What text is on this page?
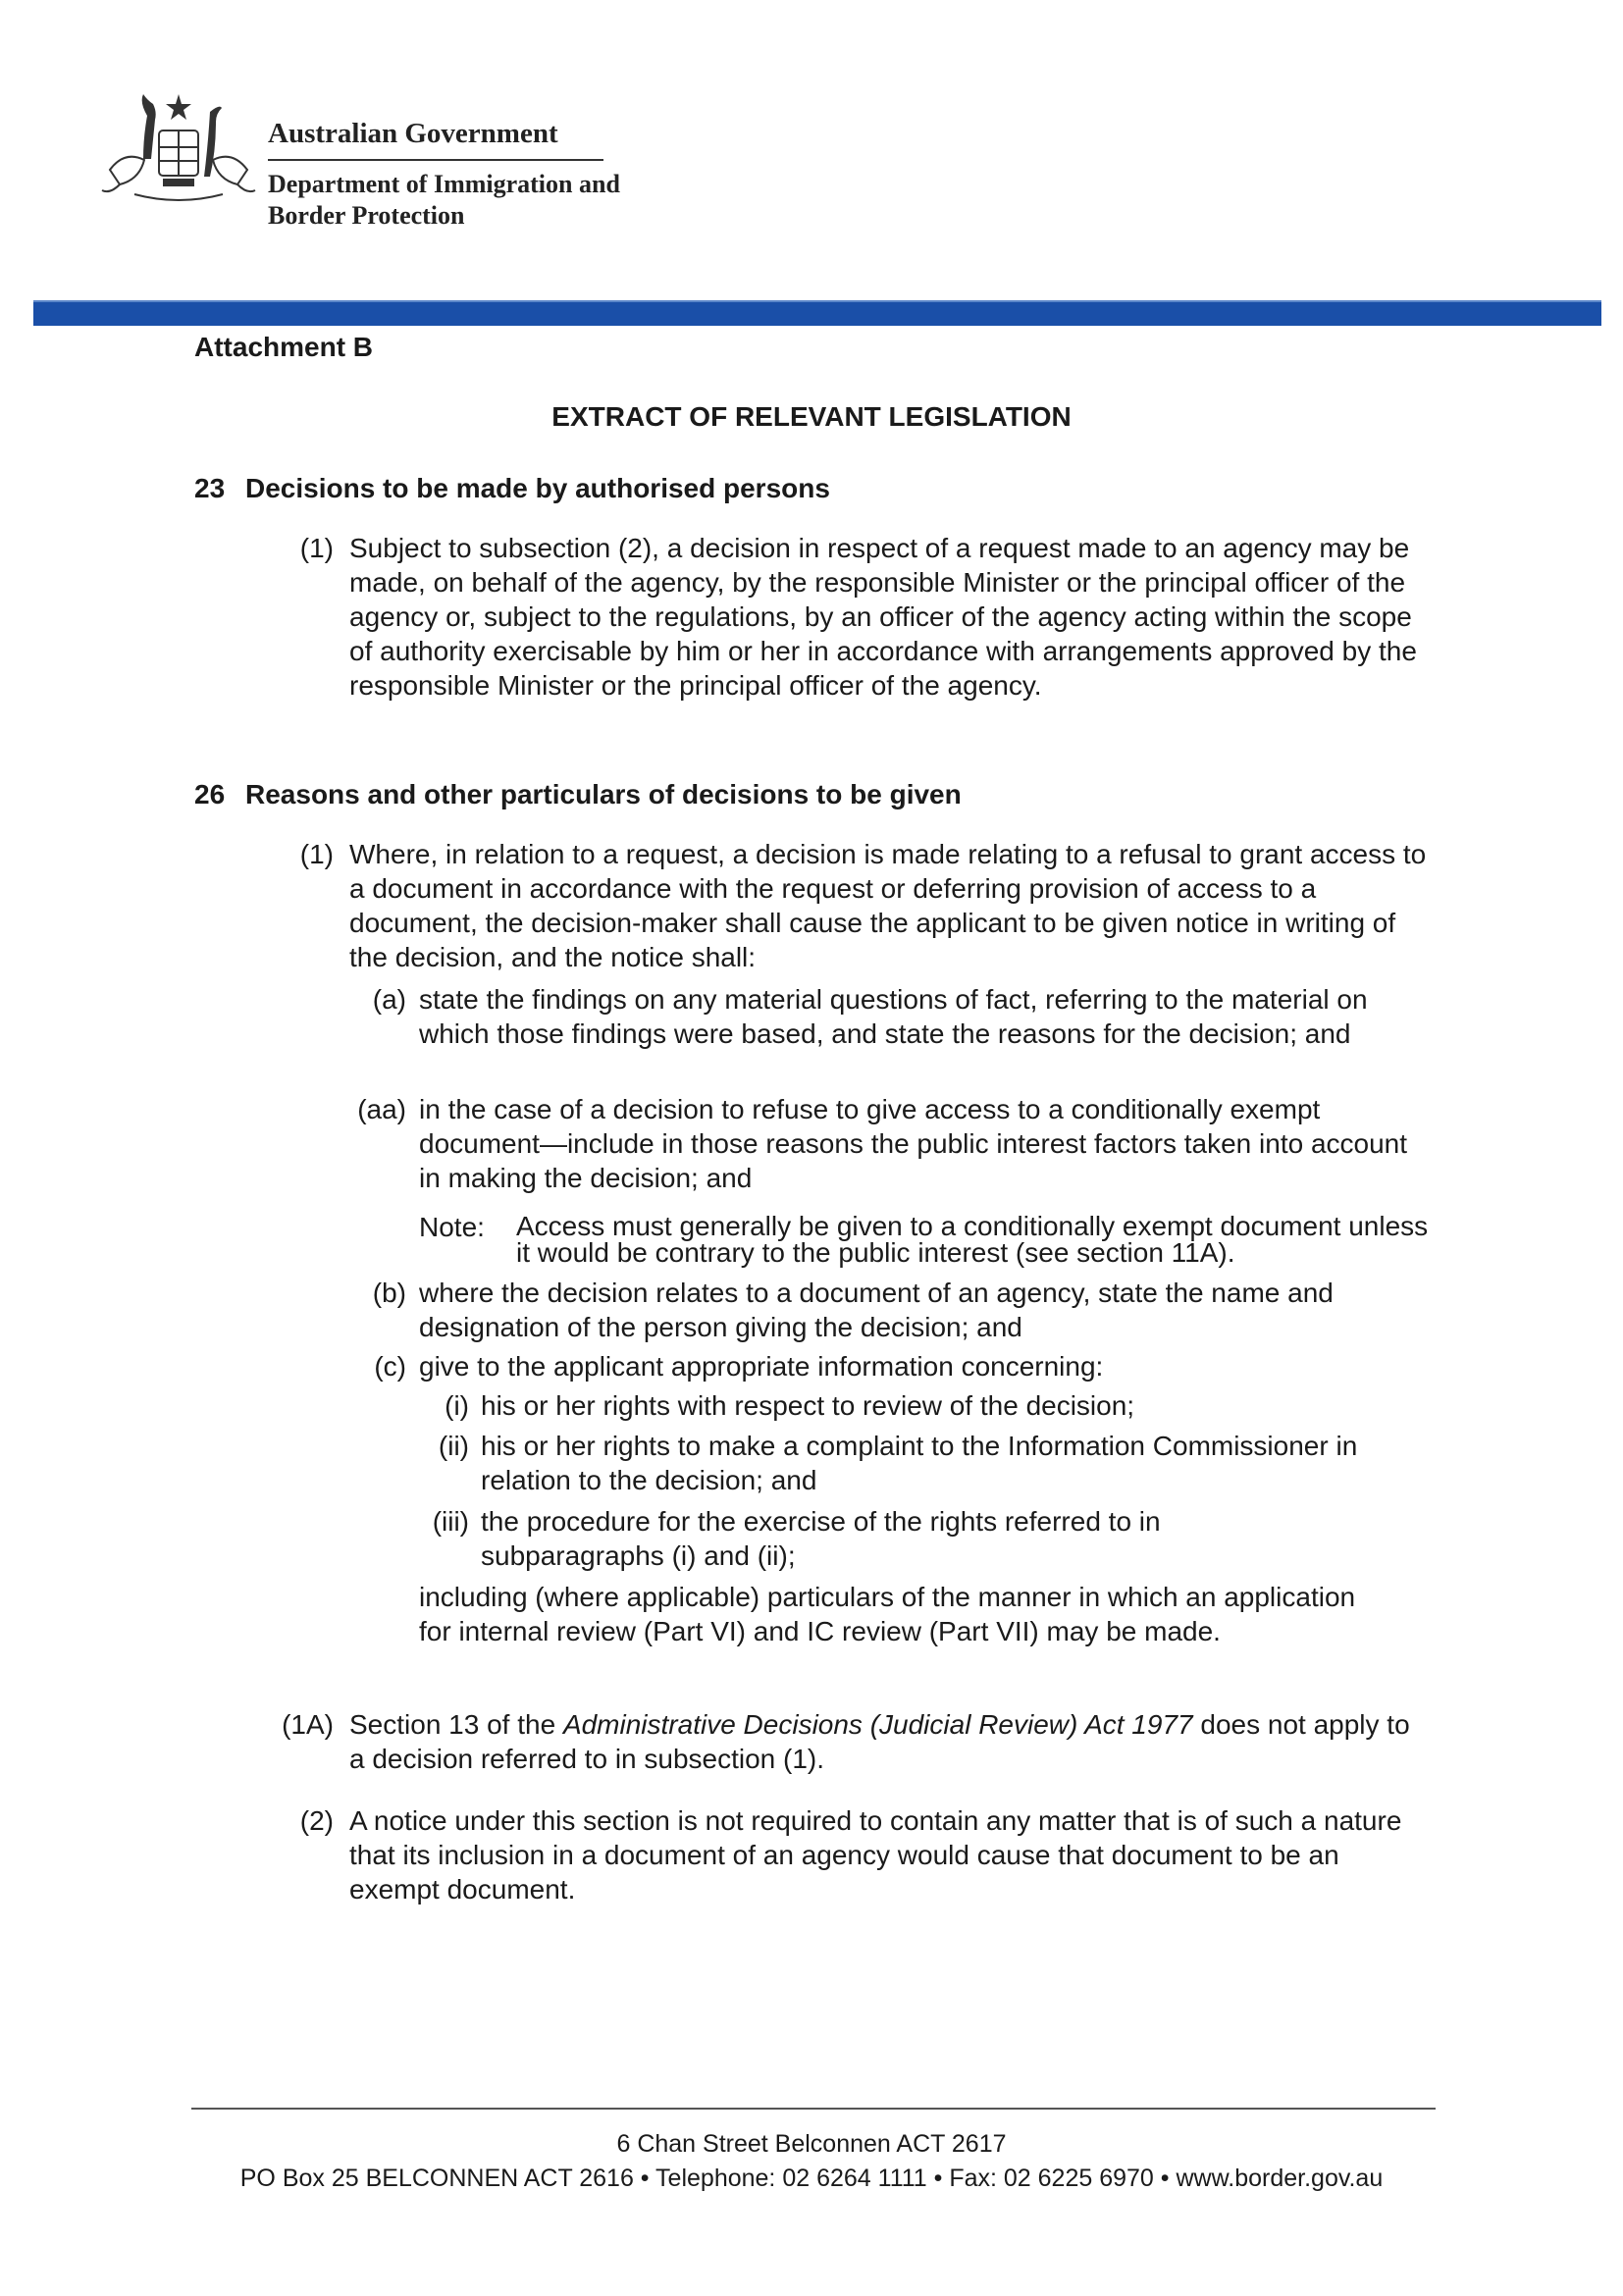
Australian Government
Department of Immigration and Border Protection
Attachment B
EXTRACT OF RELEVANT LEGISLATION
23 Decisions to be made by authorised persons
(1) Subject to subsection (2), a decision in respect of a request made to an agency may be made, on behalf of the agency, by the responsible Minister or the principal officer of the agency or, subject to the regulations, by an officer of the agency acting within the scope of authority exercisable by him or her in accordance with arrangements approved by the responsible Minister or the principal officer of the agency.
26 Reasons and other particulars of decisions to be given
(1) Where, in relation to a request, a decision is made relating to a refusal to grant access to a document in accordance with the request or deferring provision of access to a document, the decision-maker shall cause the applicant to be given notice in writing of the decision, and the notice shall:
(a) state the findings on any material questions of fact, referring to the material on which those findings were based, and state the reasons for the decision; and
(aa) in the case of a decision to refuse to give access to a conditionally exempt document—include in those reasons the public interest factors taken into account in making the decision; and
Note: Access must generally be given to a conditionally exempt document unless it would be contrary to the public interest (see section 11A).
(b) where the decision relates to a document of an agency, state the name and designation of the person giving the decision; and
(c) give to the applicant appropriate information concerning:
(i) his or her rights with respect to review of the decision;
(ii) his or her rights to make a complaint to the Information Commissioner in relation to the decision; and
(iii) the procedure for the exercise of the rights referred to in subparagraphs (i) and (ii);
including (where applicable) particulars of the manner in which an application for internal review (Part VI) and IC review (Part VII) may be made.
(1A) Section 13 of the Administrative Decisions (Judicial Review) Act 1977 does not apply to a decision referred to in subsection (1).
(2) A notice under this section is not required to contain any matter that is of such a nature that its inclusion in a document of an agency would cause that document to be an exempt document.
6 Chan Street Belconnen ACT 2617
PO Box 25 BELCONNEN ACT 2616 • Telephone: 02 6264 1111 • Fax: 02 6225 6970 • www.border.gov.au
